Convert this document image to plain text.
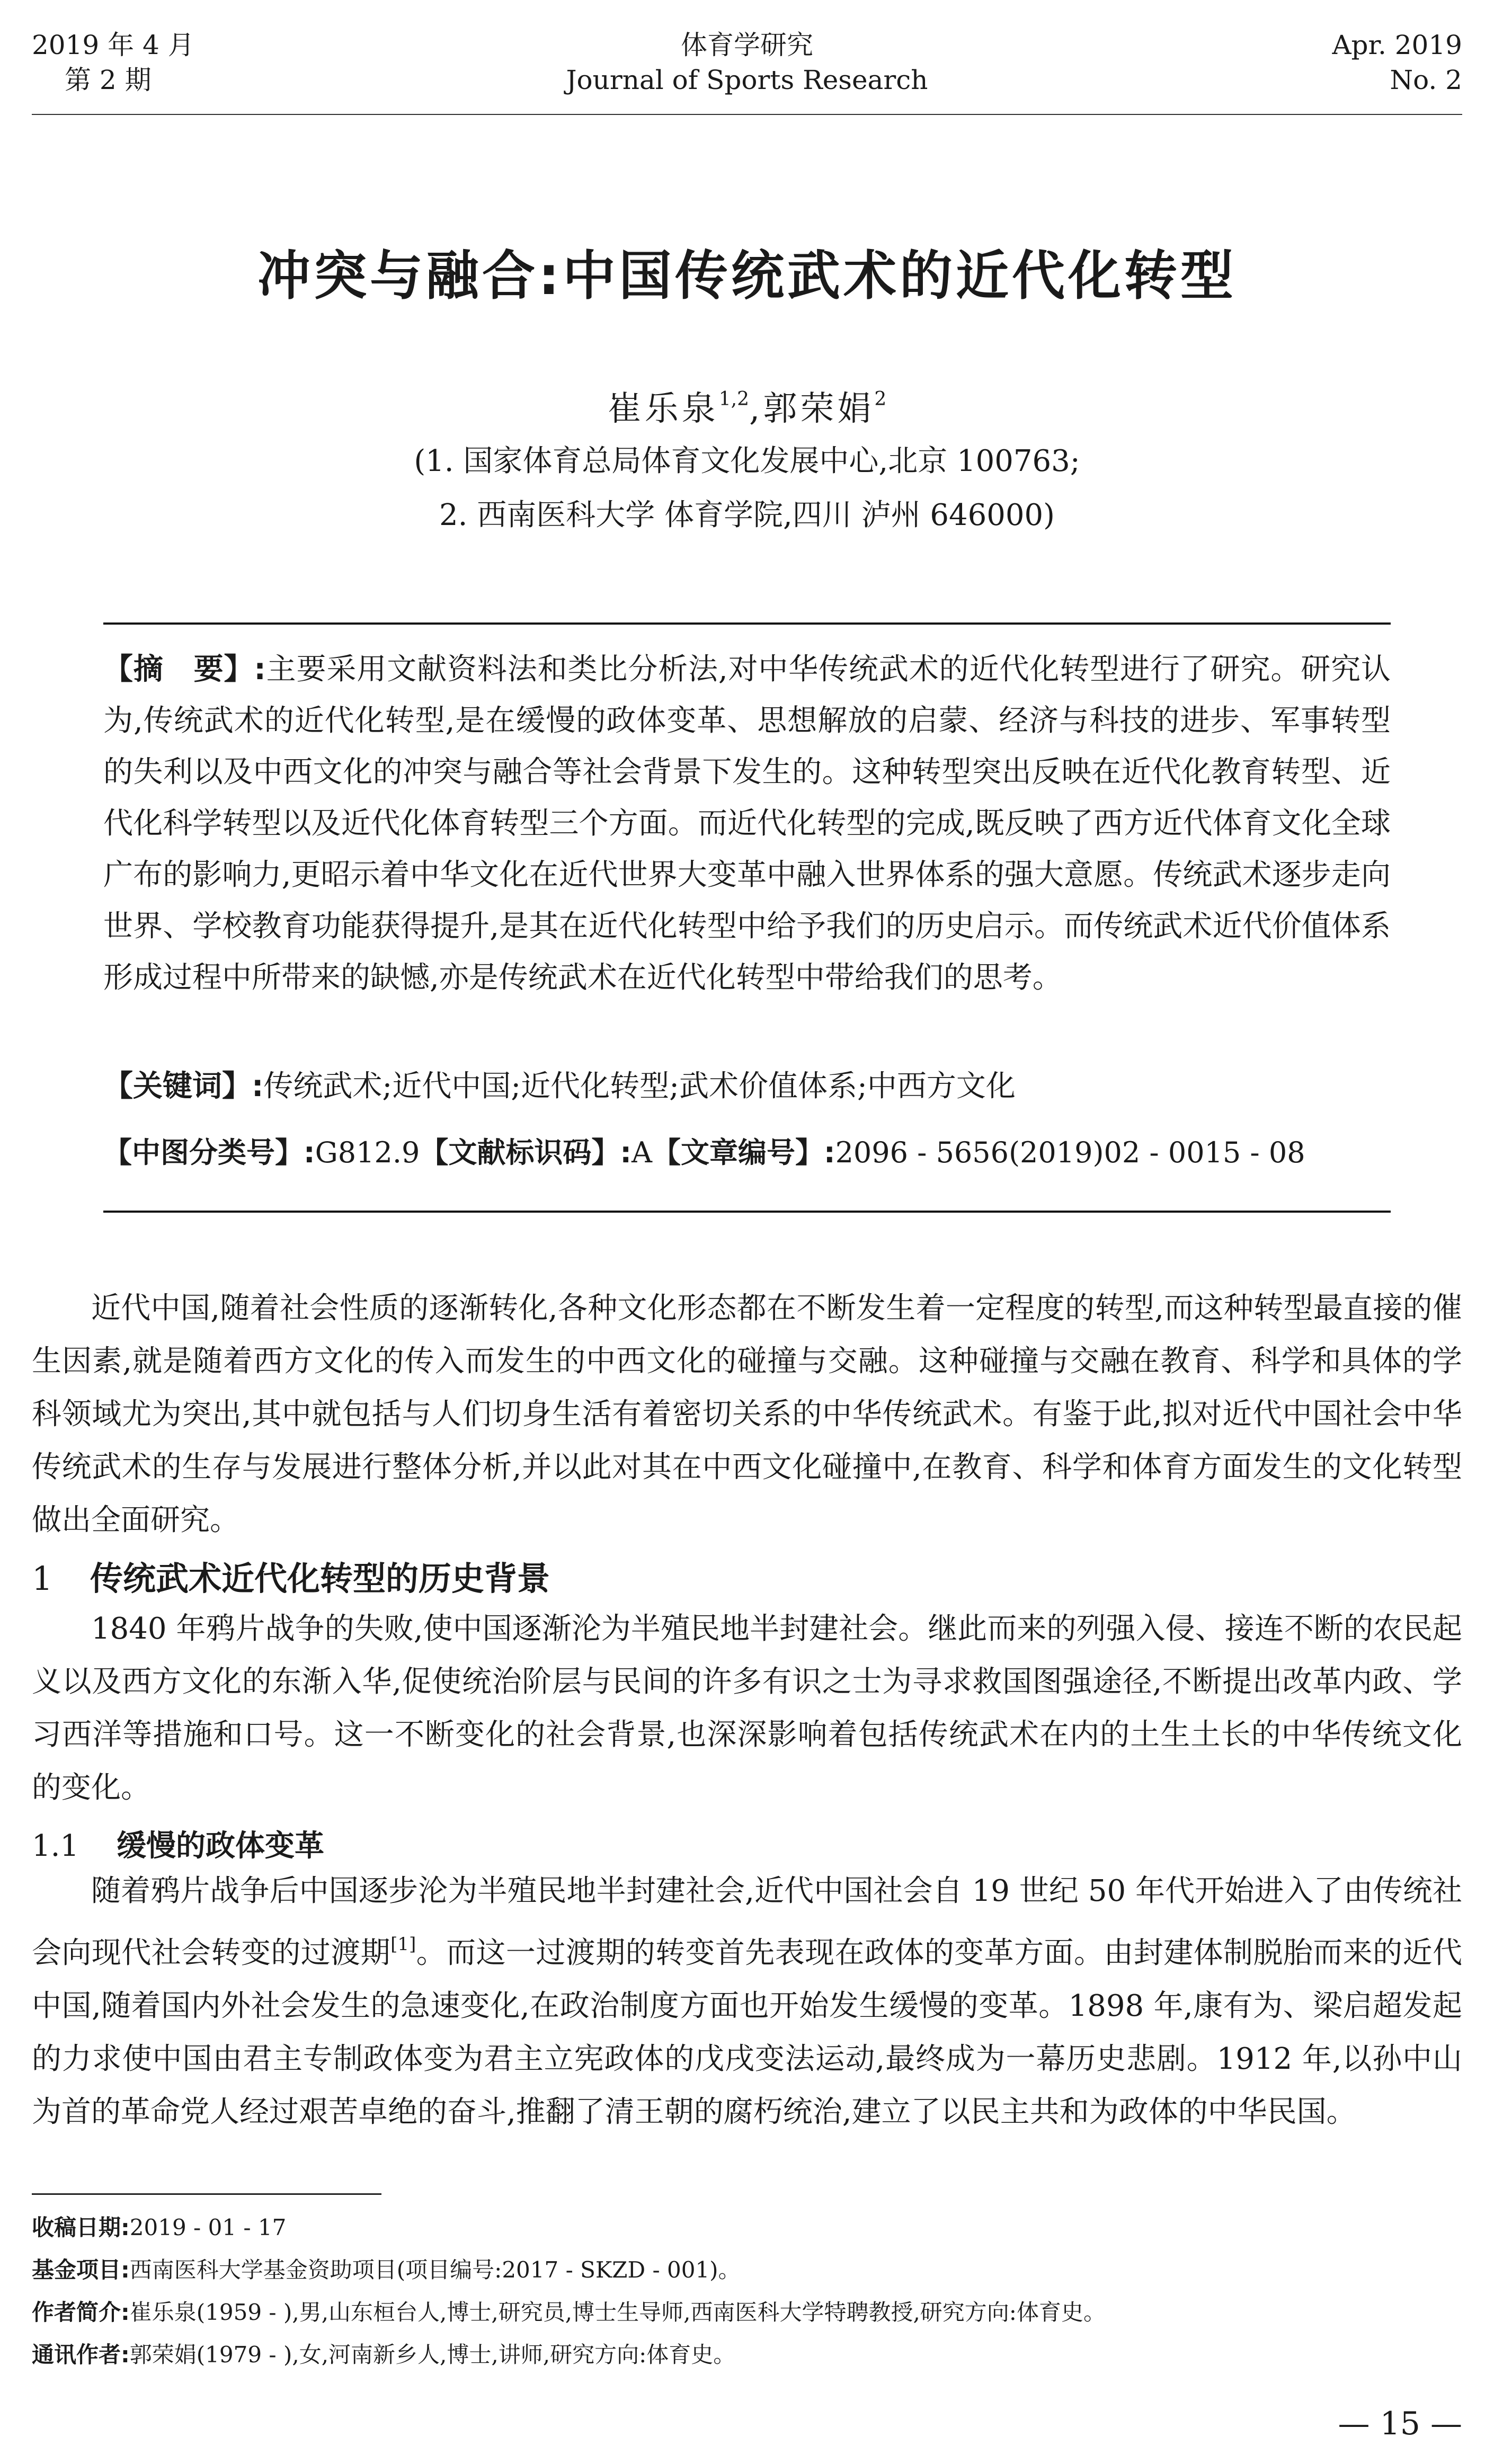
2019 年 4 月
第 2 期
体育学研究
Journal of Sports Research
Apr. 2019
No. 2
冲突与融合:中国传统武术的近代化转型
崔乐泉$^{1,2}$,郭荣娟$^2$
(1. 国家体育总局体育文化发展中心,北京 100763;
2. 西南医科大学 体育学院,四川 泸州 646000)

【摘　要】:主要采用文献资料法和类比分析法,对中华传统武术的近代化转型进行了研究。研究认为,传统武术的近代化转型,是在缓慢的政体变革、思想解放的启蒙、经济与科技的进步、军事转型的失利以及中西文化的冲突与融合等社会背景下发生的。这种转型突出反映在近代化教育转型、近代化科学转型以及近代化体育转型三个方面。而近代化转型的完成,既反映了西方近代体育文化全球广布的影响力,更昭示着中华文化在近代世界大变革中融入世界体系的强大意愿。传统武术逐步走向世界、学校教育功能获得提升,是其在近代化转型中给予我们的历史启示。而传统武术近代价值体系形成过程中所带来的缺憾,亦是传统武术在近代化转型中带给我们的思考。

【关键词】:传统武术;近代中国;近代化转型;武术价值体系;中西方文化
【中图分类号】:G812.9【文献标识码】:A【文章编号】:2096 - 5656(2019)02 - 0015 - 08

近代中国,随着社会性质的逐渐转化,各种文化形态都在不断发生着一定程度的转型,而这种转型最直接的催生因素,就是随着西方文化的传入而发生的中西文化的碰撞与交融。这种碰撞与交融在教育、科学和具体的学科领域尤为突出,其中就包括与人们切身生活有着密切关系的中华传统武术。有鉴于此,拟对近代中国社会中华传统武术的生存与发展进行整体分析,并以此对其在中西文化碰撞中,在教育、科学和体育方面发生的文化转型做出全面研究。

1 传统武术近代化转型的历史背景

1840 年鸦片战争的失败,使中国逐渐沦为半殖民地半封建社会。继此而来的列强入侵、接连不断的农民起义以及西方文化的东渐入华,促使统治阶层与民间的许多有识之士为寻求救国图强途径,不断提出改革内政、学习西洋等措施和口号。这一不断变化的社会背景,也深深影响着包括传统武术在内的土生土长的中华传统文化的变化。

1.1 缓慢的政体变革

随着鸦片战争后中国逐步沦为半殖民地半封建社会,近代中国社会自 19 世纪 50 年代开始进入了由传统社会向现代社会转变的过渡期[1]。而这一过渡期的转变首先表现在政体的变革方面。由封建体制脱胎而来的近代中国,随着国内外社会发生的急速变化,在政治制度方面也开始发生缓慢的变革。1898 年,康有为、梁启超发起的力求使中国由君主专制政体变为君主立宪政体的戊戌变法运动,最终成为一幕历史悲剧。1912 年,以孙中山为首的革命党人经过艰苦卓绝的奋斗,推翻了清王朝的腐朽统治,建立了以民主共和为政体的中华民国。

收稿日期:2019 - 01 - 17
基金项目:西南医科大学基金资助项目(项目编号:2017 - SKZD - 001)。
作者简介:崔乐泉(1959 - ),男,山东桓台人,博士,研究员,博士生导师,西南医科大学特聘教授,研究方向:体育史。
通讯作者:郭荣娟(1979 - ),女,河南新乡人,博士,讲师,研究方向:体育史。
— 15 —
